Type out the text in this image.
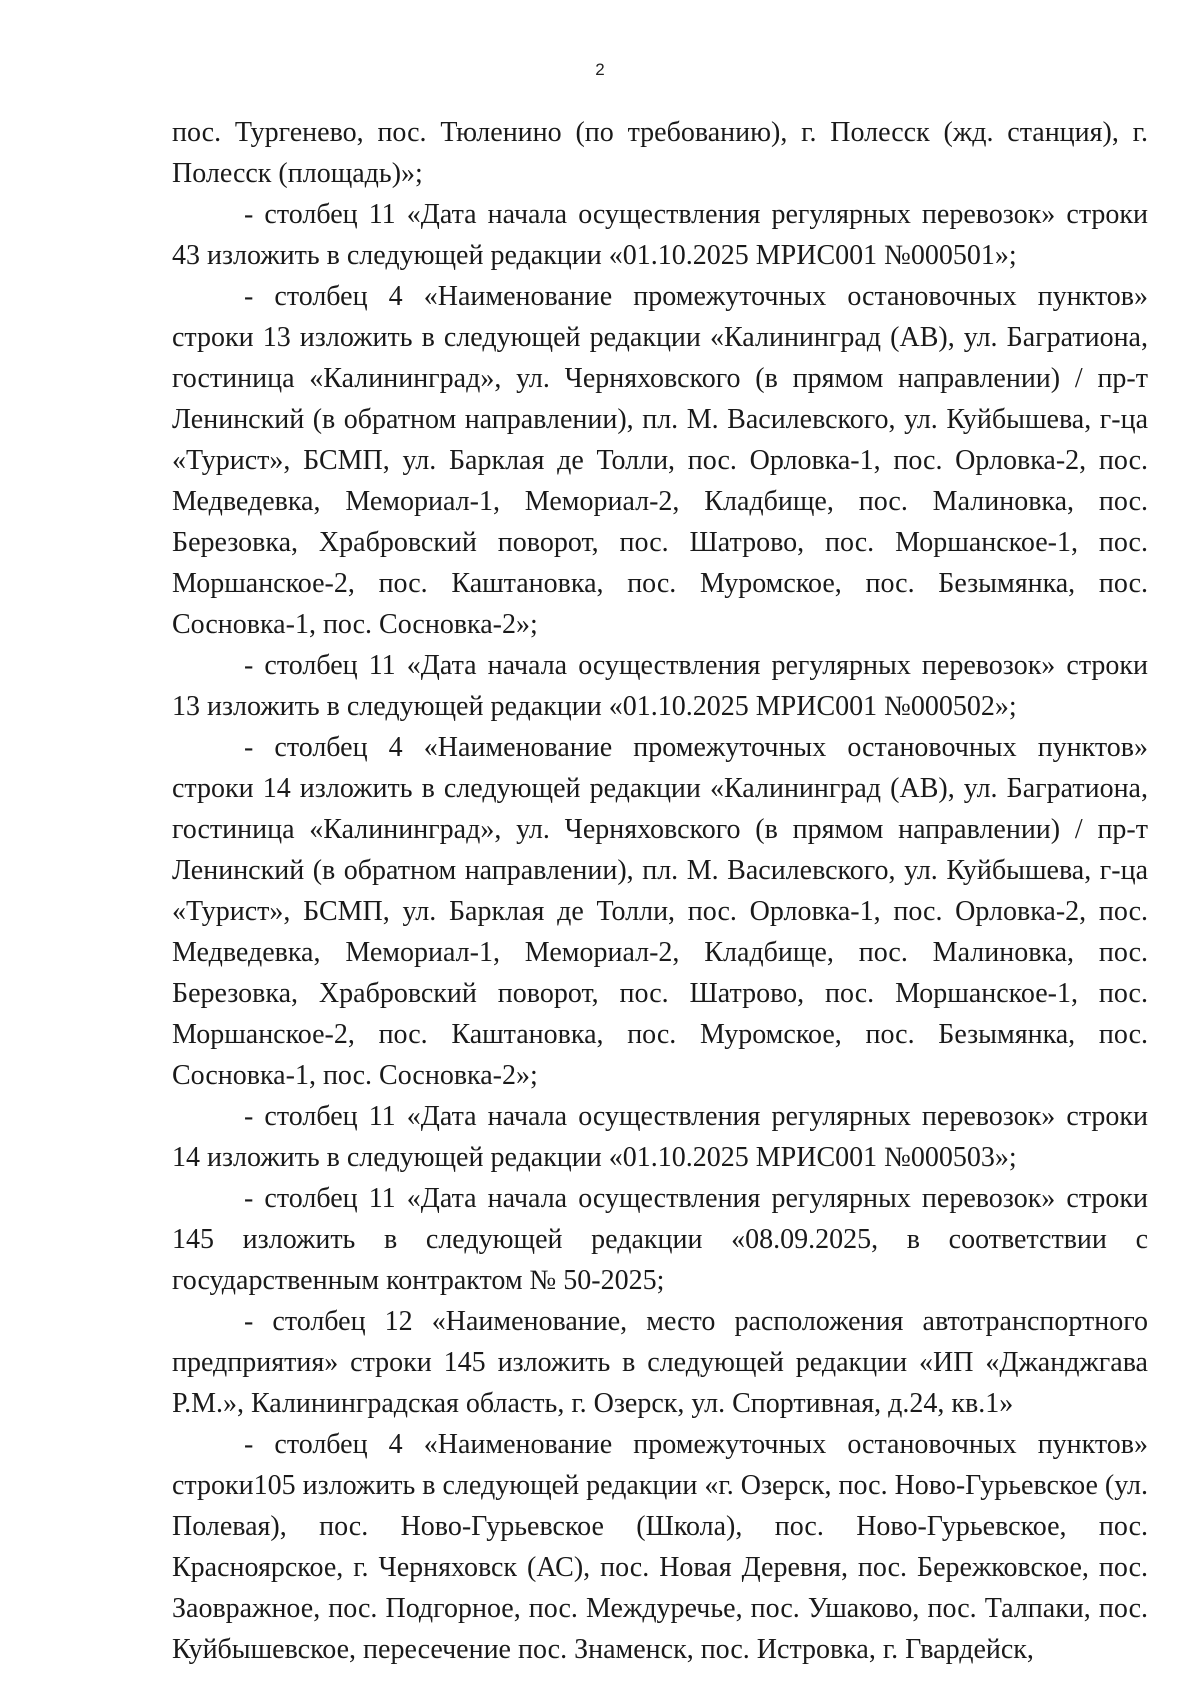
2

пос. Тургенево, пос. Тюленино (по требованию), г. Полесск (жд. станция), г. Полесск (площадь)»;

- столбец 11 «Дата начала осуществления регулярных перевозок» строки 43 изложить в следующей редакции «01.10.2025 МРИС001 №000501»;

- столбец 4 «Наименование промежуточных остановочных пунктов» строки 13 изложить в следующей редакции «Калининград (АВ), ул. Багратиона, гостиница «Калининград», ул. Черняховского (в прямом направлении) / пр-т Ленинский (в обратном направлении), пл. М. Василевского, ул. Куйбышева, г-ца «Турист», БСМП, ул. Барклая де Толли, пос. Орловка-1, пос. Орловка-2, пос. Медведевка, Мемориал-1, Мемориал-2, Кладбище, пос. Малиновка, пос. Березовка, Храбровский поворот, пос. Шатрово, пос. Моршанское-1, пос. Моршанское-2, пос. Каштановка, пос. Муромское, пос. Безымянка, пос. Сосновка-1, пос. Сосновка-2»;

- столбец 11 «Дата начала осуществления регулярных перевозок» строки 13 изложить в следующей редакции «01.10.2025 МРИС001 №000502»;

- столбец 4 «Наименование промежуточных остановочных пунктов» строки 14 изложить в следующей редакции «Калининград (АВ), ул. Багратиона, гостиница «Калининград», ул. Черняховского (в прямом направлении) / пр-т Ленинский (в обратном направлении), пл. М. Василевского, ул. Куйбышева, г-ца «Турист», БСМП, ул. Барклая де Толли, пос. Орловка-1, пос. Орловка-2, пос. Медведевка, Мемориал-1, Мемориал-2, Кладбище, пос. Малиновка, пос. Березовка, Храбровский поворот, пос. Шатрово, пос. Моршанское-1, пос. Моршанское-2, пос. Каштановка, пос. Муромское, пос. Безымянка, пос. Сосновка-1, пос. Сосновка-2»;

- столбец 11 «Дата начала осуществления регулярных перевозок» строки 14 изложить в следующей редакции «01.10.2025 МРИС001 №000503»;

- столбец 11 «Дата начала осуществления регулярных перевозок» строки 145 изложить в следующей редакции «08.09.2025, в соответствии с государственным контрактом № 50-2025;

- столбец 12 «Наименование, место расположения автотранспортного предприятия» строки 145 изложить в следующей редакции «ИП «Джанджгава Р.М.», Калининградская область, г. Озерск, ул. Спортивная, д.24, кв.1»

- столбец 4 «Наименование промежуточных остановочных пунктов» строки105 изложить в следующей редакции «г. Озерск, пос. Ново-Гурьевское (ул. Полевая), пос. Ново-Гурьевское (Школа), пос. Ново-Гурьевское, пос. Красноярское, г. Черняховск (АС), пос. Новая Деревня, пос. Бережковское, пос. Заовражное, пос. Подгорное, пос. Междуречье, пос. Ушаково, пос. Талпаки, пос. Куйбышевское, пересечение пос. Знаменск, пос. Истровка, г. Гвардейск,
